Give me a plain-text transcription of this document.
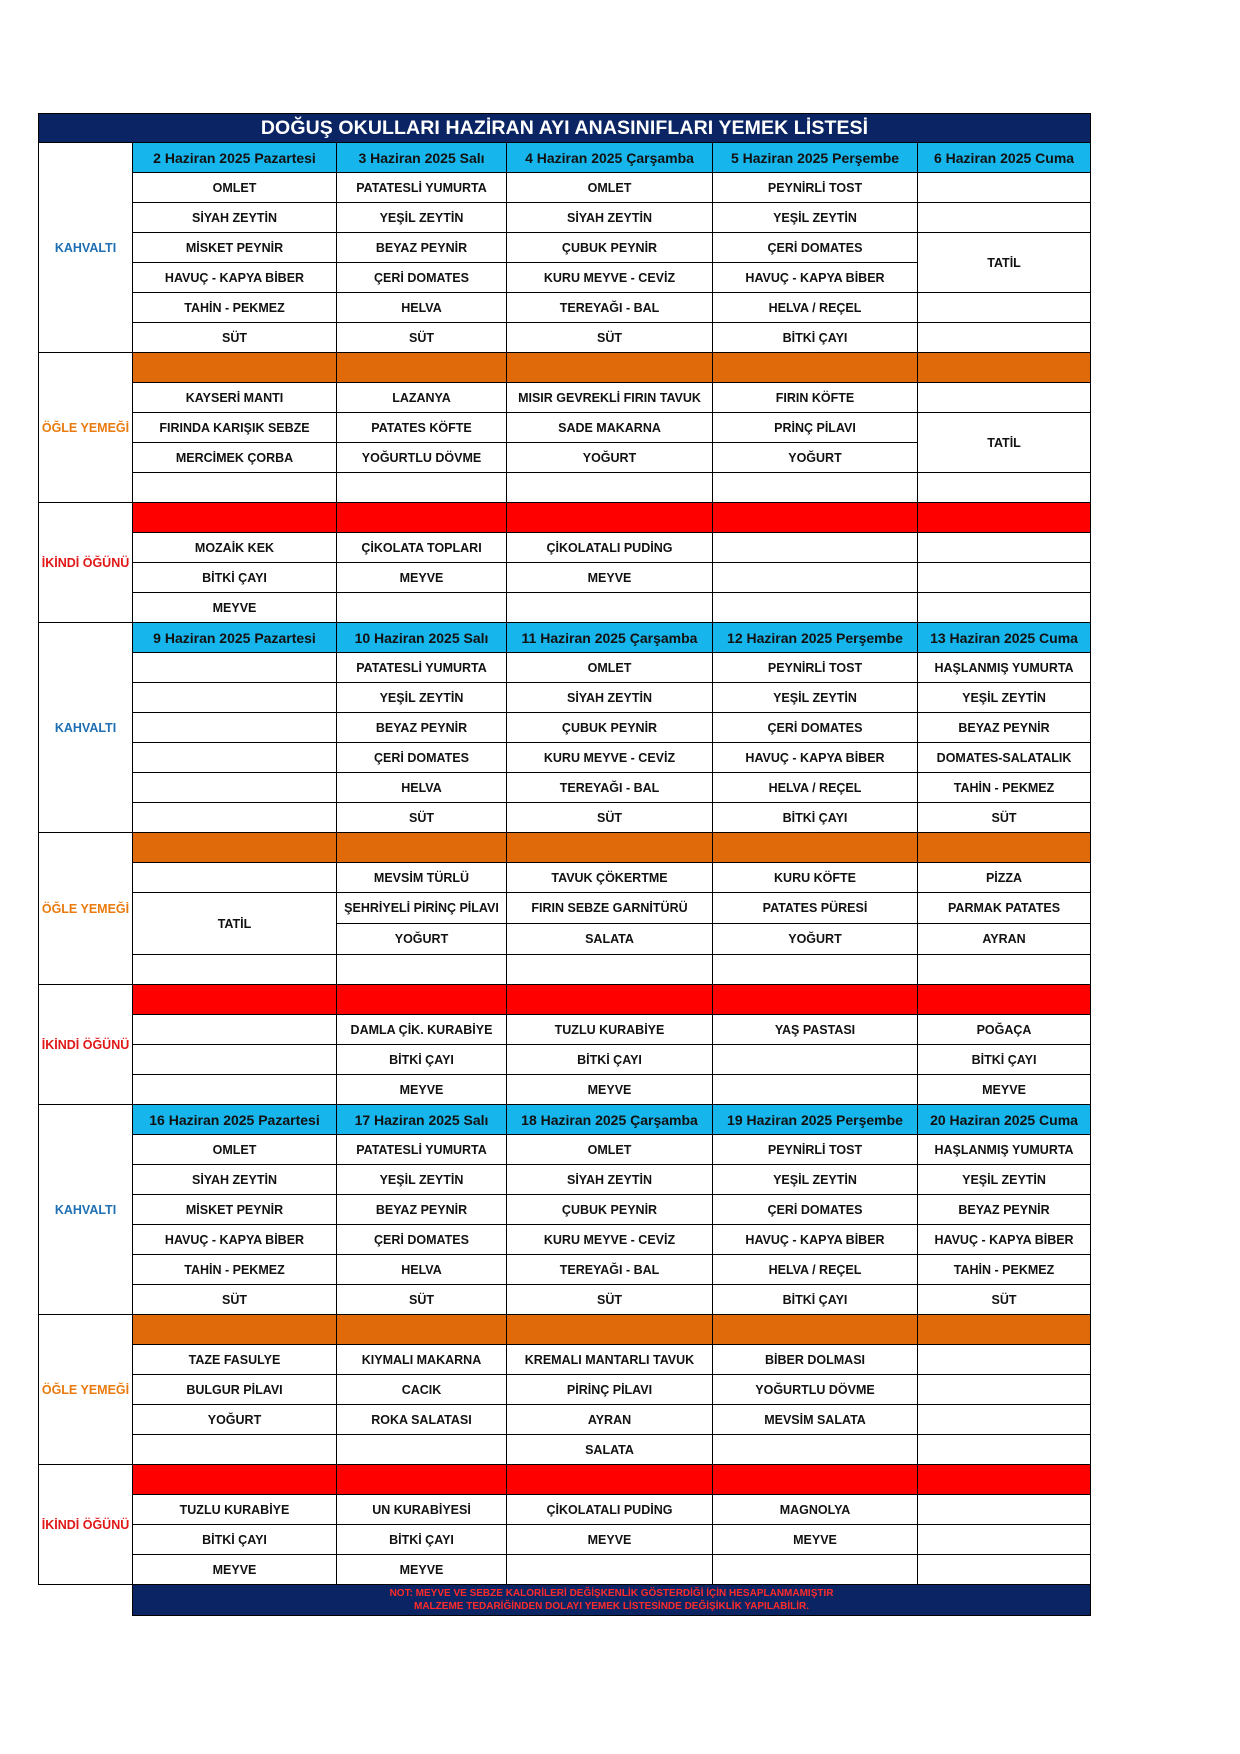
DOĞUŞ OKULLARI HAZİRAN AYI ANASINIFLARI YEMEK LİSTESİ					
KAHVALTI	2 Haziran 2025 Pazartesi	3 Haziran 2025 Salı	4 Haziran 2025 Çarşamba	5 Haziran 2025 Perşembe	6 Haziran 2025 Cuma
	OMLET	PATATESLİ YUMURTA	OMLET	PEYNİRLİ TOST	
	SİYAH ZEYTİN	YEŞİL ZEYTİN	SİYAH ZEYTİN	YEŞİL ZEYTİN	
	MİSKET PEYNİR	BEYAZ PEYNİR	ÇUBUK PEYNİR	ÇERİ DOMATES	TATİL
	HAVUÇ - KAPYA BİBER	ÇERİ DOMATES	KURU MEYVE - CEVİZ	HAVUÇ - KAPYA BİBER	
	TAHİN - PEKMEZ	HELVA	TEREYAĞI - BAL	HELVA / REÇEL	
	SÜT	SÜT	SÜT	BİTKİ ÇAYI	
ÖĞLE YEMEĞİ					
	KAYSERİ MANTI	LAZANYA	MISIR GEVREKLİ FIRIN TAVUK	FIRIN KÖFTE	
	FIRINDA KARIŞIK SEBZE	PATATES KÖFTE	SADE MAKARNA	PRİNÇ PİLAVI	TATİL
	MERCİMEK ÇORBA	YOĞURTLU DÖVME	YOĞURT	YOĞURT	

İKİNDİ ÖĞÜNÜ					
	MOZAİK KEK	ÇİKOLATA TOPLARI	ÇİKOLATALI PUDİNG		
	BİTKİ ÇAYI	MEYVE	MEYVE		
	MEYVE				
KAHVALTI	9 Haziran 2025 Pazartesi	10 Haziran 2025 Salı	11 Haziran 2025 Çarşamba	12 Haziran 2025 Perşembe	13 Haziran 2025 Cuma
		PATATESLİ YUMURTA	OMLET	PEYNİRLİ TOST	HAŞLANMIŞ YUMURTA
		YEŞİL ZEYTİN	SİYAH ZEYTİN	YEŞİL ZEYTİN	YEŞİL ZEYTİN
		BEYAZ PEYNİR	ÇUBUK PEYNİR	ÇERİ DOMATES	BEYAZ PEYNİR
		ÇERİ DOMATES	KURU MEYVE - CEVİZ	HAVUÇ - KAPYA BİBER	DOMATES-SALATALIK
		HELVA	TEREYAĞI - BAL	HELVA / REÇEL	TAHİN - PEKMEZ
		SÜT	SÜT	BİTKİ ÇAYI	SÜT
ÖĞLE YEMEĞİ					
		MEVSİM TÜRLÜ	TAVUK ÇÖKERTME	KURU KÖFTE	PİZZA
	TATİL	ŞEHRİYELİ PİRİNÇ PİLAVI	FIRIN SEBZE GARNİTÜRÜ	PATATES PÜRESİ	PARMAK PATATES
		YOĞURT	SALATA	YOĞURT	AYRAN

İKİNDİ ÖĞÜNÜ					
		DAMLA ÇİK. KURABİYE	TUZLU KURABİYE	YAŞ PASTASI	POĞAÇA
		BİTKİ ÇAYI	BİTKİ ÇAYI		BİTKİ ÇAYI
		MEYVE	MEYVE		MEYVE
KAHVALTI	16 Haziran 2025 Pazartesi	17 Haziran 2025 Salı	18 Haziran 2025 Çarşamba	19 Haziran 2025 Perşembe	20 Haziran 2025 Cuma
	OMLET	PATATESLİ YUMURTA	OMLET	PEYNİRLİ TOST	HAŞLANMIŞ YUMURTA
	SİYAH ZEYTİN	YEŞİL ZEYTİN	SİYAH ZEYTİN	YEŞİL ZEYTİN	YEŞİL ZEYTİN
	MİSKET PEYNİR	BEYAZ PEYNİR	ÇUBUK PEYNİR	ÇERİ DOMATES	BEYAZ PEYNİR
	HAVUÇ - KAPYA BİBER	ÇERİ DOMATES	KURU MEYVE - CEVİZ	HAVUÇ - KAPYA BİBER	HAVUÇ - KAPYA BİBER
	TAHİN - PEKMEZ	HELVA	TEREYAĞI - BAL	HELVA / REÇEL	TAHİN - PEKMEZ
	SÜT	SÜT	SÜT	BİTKİ ÇAYI	SÜT
ÖĞLE YEMEĞİ					
	TAZE FASULYE	KIYMALI MAKARNA	KREMALI MANTARLI TAVUK	BİBER DOLMASI	
	BULGUR PİLAVI	CACIK	PİRİNÇ PİLAVI	YOĞURTLU DÖVME	
	YOĞURT	ROKA SALATASI	AYRAN	MEVSİM SALATA	
			SALATA		
İKİNDİ ÖĞÜNÜ					
	TUZLU KURABİYE	UN KURABİYESİ	ÇİKOLATALI PUDİNG	MAGNOLYA	
	BİTKİ ÇAYI	BİTKİ ÇAYI	MEYVE	MEYVE	
	MEYVE	MEYVE			

	NOT: MEYVE VE SEBZE KALORİLERİ DEĞİŞKENLİK GÖSTERDİĞİ İÇİN HESAPLANMAMIŞTIR
MALZEME TEDARİĞİNDEN DOLAYI YEMEK LİSTESİNDE DEĞİŞİKLİK YAPILABİLİR.				
